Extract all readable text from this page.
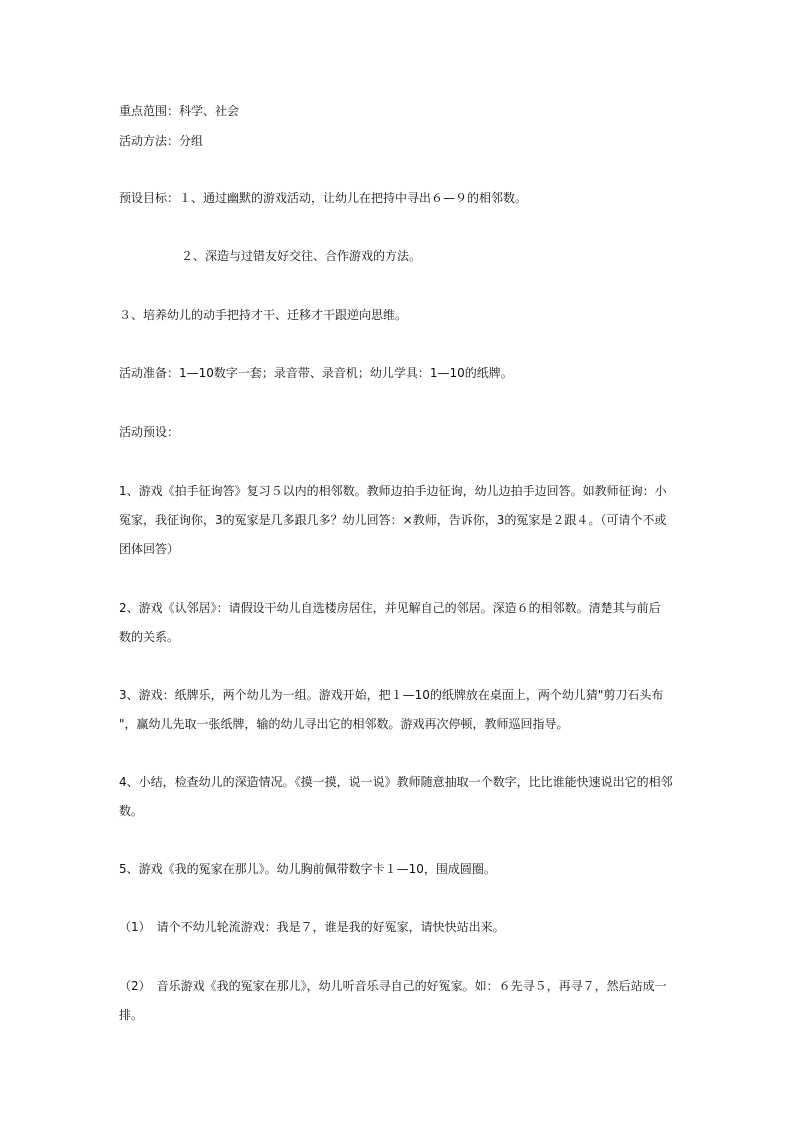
重点范围：科学、社会
活动方法：分组
预设目标：１、通过幽默的游戏活动，让幼儿在把持中寻出６—９的相邻数。
２、深造与过错友好交往、合作游戏的方法。
３、培养幼儿的动手把持才干、迁移才干跟逆向思维。
活动准备：1—10数字一套；录音带、录音机；幼儿学具：1—10的纸牌。
活动预设：
1、游戏《拍手征询答》复习５以内的相邻数。教师边拍手边征询，幼儿边拍手边回答。如教师征询：小
冤家，我征询你，3的冤家是几多跟几多？幼儿回答：×教师，告诉你，3的冤家是２跟４。（可请个不或
团体回答）
2、游戏《认邻居》：请假设干幼儿自选楼房居住，并见解自己的邻居。深造６的相邻数。清楚其与前后
数的关系。
3、游戏：纸牌乐，两个幼儿为一组。游戏开始，把１—10的纸牌放在桌面上，两个幼儿猜"剪刀石头布
"，赢幼儿先取一张纸牌，输的幼儿寻出它的相邻数。游戏再次停顿，教师巡回指导。
4、小结，检查幼儿的深造情况。《摸一摸，说一说》教师随意抽取一个数字，比比谁能快速说出它的相邻
数。
5、游戏《我的冤家在那儿》。幼儿胸前佩带数字卡１—10，围成圆圈。
（1）　请个不幼儿轮流游戏：我是７，谁是我的好冤家，请快快站出来。
（2）　音乐游戏《我的冤家在那儿》，幼儿听音乐寻自己的好冤家。如：６先寻５，再寻７，然后站成一
排。
